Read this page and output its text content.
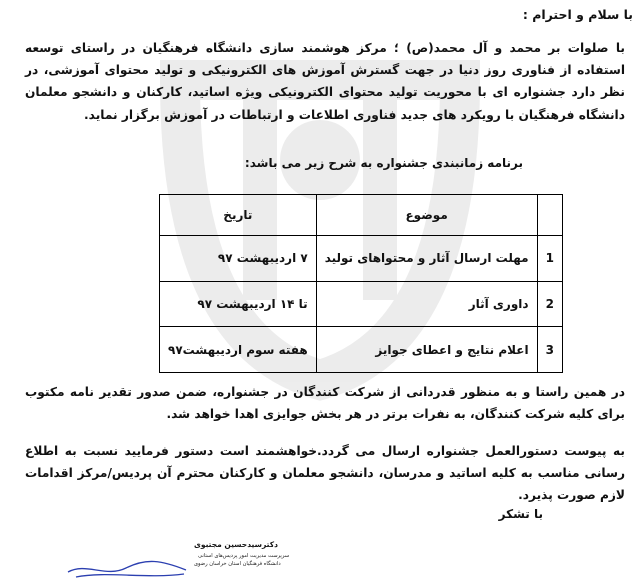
با سلام و احترام :

با صلوات بر محمد و آل محمد(ص) ؛ مرکز هوشمند سازی دانشگاه فرهنگیان در راستای توسعه استفاده از فناوری روز دنیا در جهت گسترش آموزش های الکترونیکی و تولید محتوای آموزشی، در نظر دارد جشنواره ای با محوریت تولید محتوای الکترونیکی ویژه اساتید، کارکنان و دانشجو معلمان دانشگاه فرهنگیان با رویکرد های جدید فناوری اطلاعات و ارتباطات در آموزش برگزار نماید.

برنامه زمانبندی جشنواره به شرح زیر می باشد:

	موضوع	تاریخ
1	مهلت ارسال آثار و محتواهای تولید	۷ اردیبهشت ۹۷
2	داوری آثار	تا ۱۴ اردیبهشت ۹۷
3	اعلام نتایج و اعطای جوایز	هفته سوم اردیبهشت۹۷

در همین راستا و به منظور قدردانی از شرکت کنندگان در جشنواره، ضمن صدور تقدیر نامه مکتوب برای کلیه شرکت کنندگان، به نفرات برتر در هر بخش جوایزی اهدا خواهد شد.

به پیوست دستورالعمل جشنواره ارسال می گردد.خواهشمند است دستور فرمایید نسبت به اطلاع رسانی مناسب به کلیه اساتید و مدرسان، دانشجو معلمان و کارکنان محترم آن پردیس/مرکز اقدامات لازم صورت پذیرد.

با تشکر

دکترسیدحسین مجتبوی
سرپرست مدیریت امور پردیس‌های استانی
دانشگاه فرهنگیان استان خراسان رضوی
